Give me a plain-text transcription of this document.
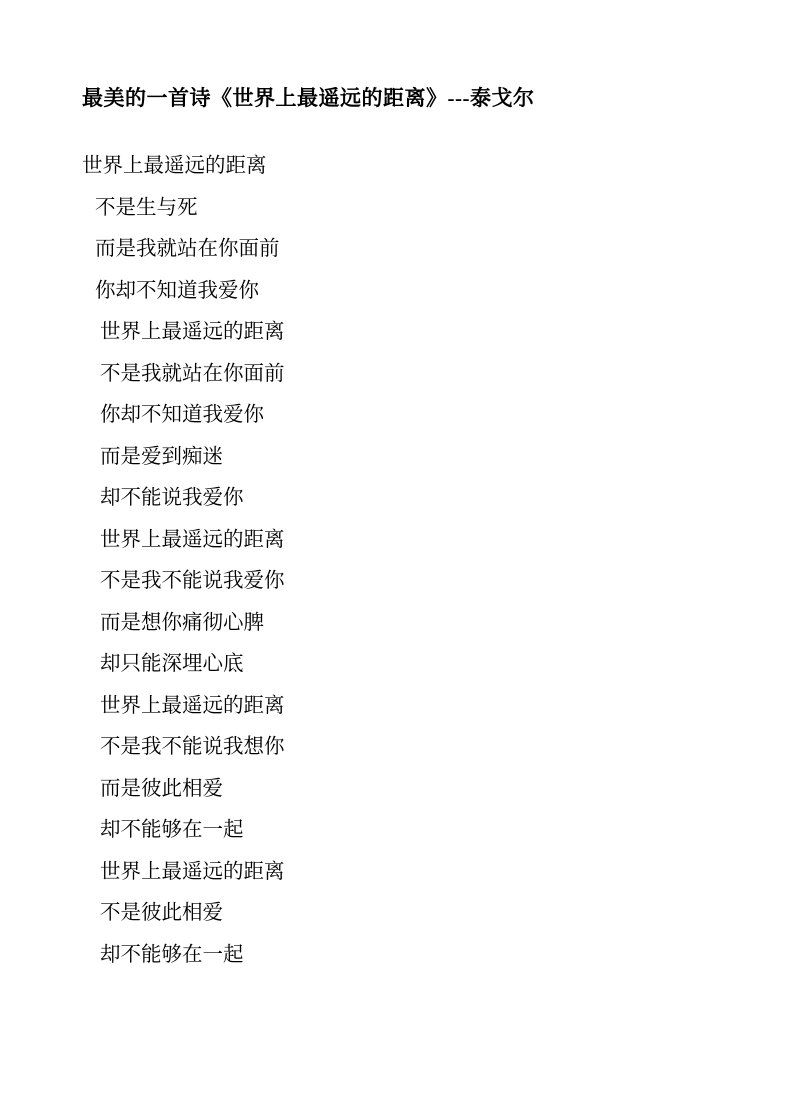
最美的一首诗《世界上最遥远的距离》---泰戈尔
世界上最遥远的距离
不是生与死
而是我就站在你面前
你却不知道我爱你
世界上最遥远的距离
不是我就站在你面前
你却不知道我爱你
而是爱到痴迷
却不能说我爱你
世界上最遥远的距离
不是我不能说我爱你
而是想你痛彻心脾
却只能深埋心底
世界上最遥远的距离
不是我不能说我想你
而是彼此相爱
却不能够在一起
世界上最遥远的距离
不是彼此相爱
却不能够在一起
